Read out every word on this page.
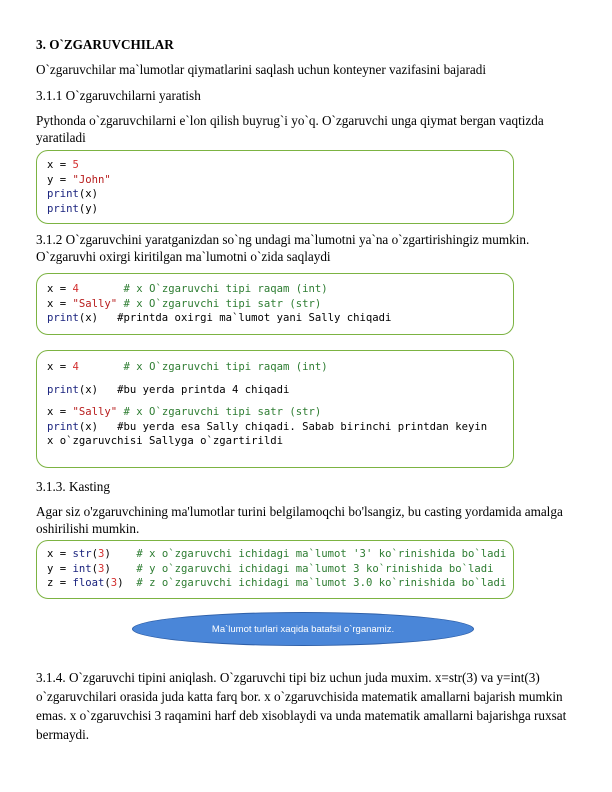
3. O`ZGARUVCHILAR
O`zgaruvchilar ma`lumotlar qiymatlarini saqlash uchun konteyner vazifasini bajaradi
3.1.1 O`zgaruvchilarni yaratish
Pythonda o`zgaruvchilarni e`lon qilish buyrug`i yo`q. O`zgaruvchi unga qiymat bergan vaqtizda yaratiladi
x = 5
y = "John"
print(x)
print(y)
3.1.2 O`zgaruvchini yaratganizdan so`ng undagi ma`lumotni ya`na o`zgartirishingiz mumkin. O`zgaruvhi oxirgi kiritilgan ma`lumotni o`zida saqlaydi
x = 4       # x O`zgaruvchi tipi raqam (int)
x = "Sally" # x O`zgaruvchi tipi satr (str)
print(x)   #printda oxirgi ma`lumot yani Sally chiqadi
x = 4       # x O`zgaruvchi tipi raqam (int)
print(x)   #bu yerda printda 4 chiqadi
x = "Sally" # x O`zgaruvchi tipi satr (str)
print(x)   #bu yerda esa Sally chiqadi. Sabab birinchi printdan keyin
x o`zgaruvchisi Sallyga o`zgartirildi
3.1.3. Kasting
Agar siz o'zgaruvchining ma'lumotlar turini belgilamoqchi bo'lsangiz, bu casting yordamida amalga oshirilishi mumkin.
x = str(3)    # x o`zgaruvchi ichidagi ma`lumot '3' ko`rinishida bo`ladi
y = int(3)    # y o`zgaruvchi ichidagi ma`lumot 3 ko`rinishida bo`ladi
z = float(3)  # z o`zgaruvchi ichidagi ma`lumot 3.0 ko`rinishida bo`ladi
Ma`lumot turlari xaqida batafsil o`rganamiz.
3.1.4. O`zgaruvchi tipini aniqlash. O`zgaruvchi tipi biz uchun juda muxim. x=str(3) va y=int(3) o`zgaruvchilari orasida juda katta farq bor. x o`zgaruvchisida matematik amallarni bajarish mumkin emas. x o`zgaruvchisi 3 raqamini harf deb xisoblaydi va unda matematik amallarni bajarishga ruxsat bermaydi.
